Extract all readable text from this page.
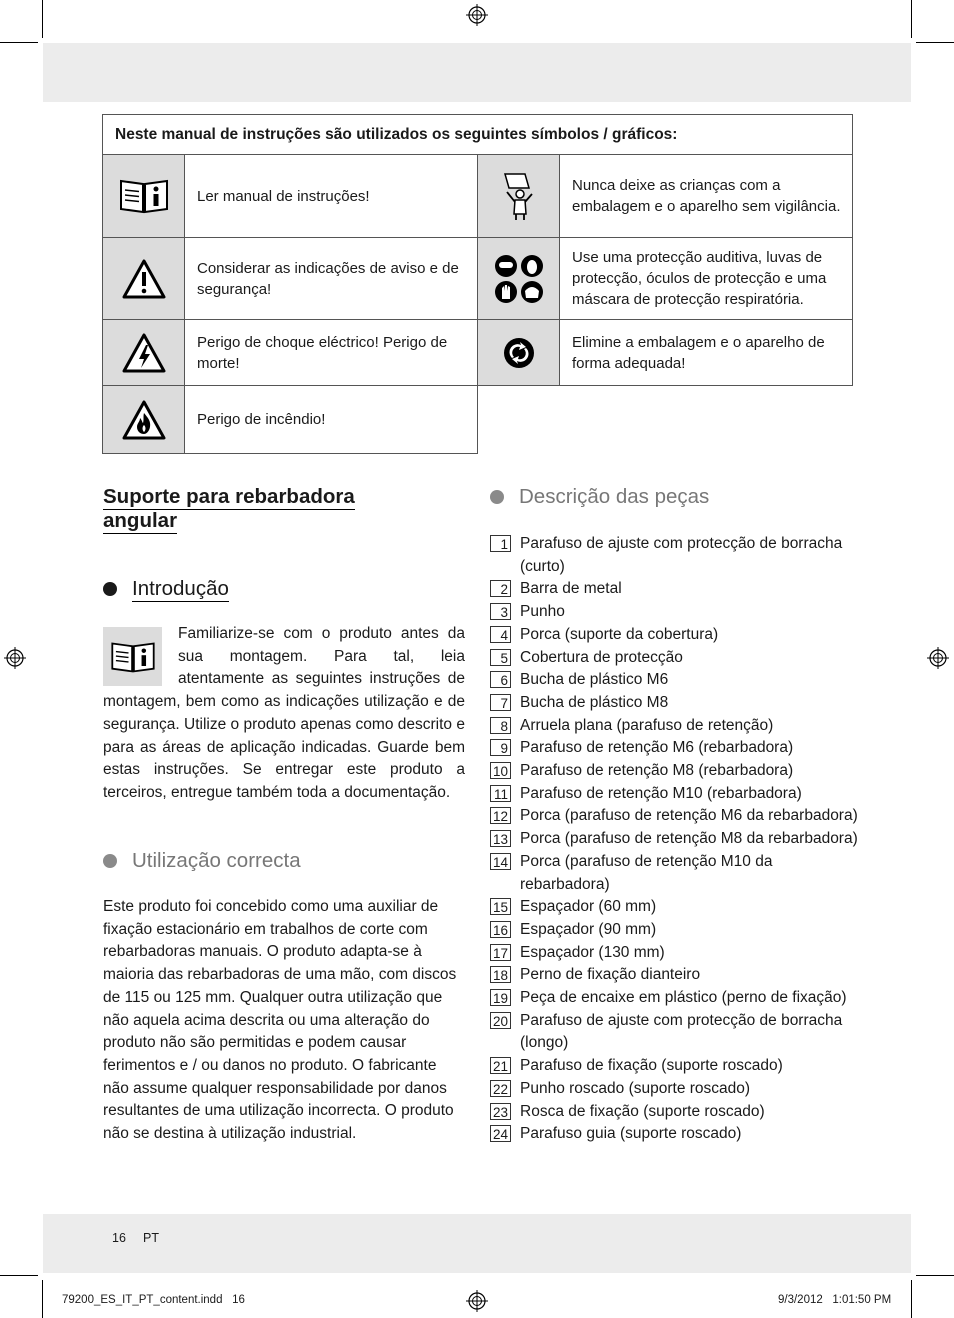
Neste manual de instruções são utilizados os seguintes símbolos / gráficos:
Ler manual de instruções!
Considerar as indicações de aviso e de segurança!
Perigo de choque eléctrico! Perigo de morte!
Perigo de incêndio!
Nunca deixe as crianças com a embalagem e o aparelho sem vigilância.
Use uma protecção auditiva, luvas de protecção, óculos de protecção e uma máscara de protecção respiratória.
Elimine a embalagem e o aparelho de forma adequada!
Suporte para rebarbadora angular
Introdução
Familiarize-se com o produto antes da sua montagem. Para tal, leia atentamente as seguintes instruções de montagem, bem como as indicações utilização e de segurança. Utilize o produto apenas como descrito e para as áreas de aplicação indicadas. Guarde bem estas instruções. Se entregar este produto a terceiros, entregue também toda a documentação.
Utilização correcta
Este produto foi concebido como uma auxiliar de fixação estacionário em trabalhos de corte com rebarbadoras manuais. O produto adapta-se à maioria das rebarbadoras de uma mão, com discos de 115 ou 125 mm. Qualquer outra utilização que não aquela acima descrita ou uma alteração do produto não são permitidas e podem causar ferimentos e / ou danos no produto. O fabricante não assume qualquer responsabilidade por danos resultantes de uma utilização incorrecta. O produto não se destina à utilização industrial.
Descrição das peças
1 Parafuso de ajuste com protecção de borracha (curto)
2 Barra de metal
3 Punho
4 Porca (suporte da cobertura)
5 Cobertura de protecção
6 Bucha de plástico M6
7 Bucha de plástico M8
8 Arruela plana (parafuso de retenção)
9 Parafuso de retenção M6 (rebarbadora)
10 Parafuso de retenção M8 (rebarbadora)
11 Parafuso de retenção M10 (rebarbadora)
12 Porca (parafuso de retenção M6 da rebarbadora)
13 Porca (parafuso de retenção M8 da rebarbadora)
14 Porca (parafuso de retenção M10 da rebarbadora)
15 Espaçador (60 mm)
16 Espaçador (90 mm)
17 Espaçador (130 mm)
18 Perno de fixação dianteiro
19 Peça de encaixe em plástico (perno de fixação)
20 Parafuso de ajuste com protecção de borracha (longo)
21 Parafuso de fixação (suporte roscado)
22 Punho roscado (suporte roscado)
23 Rosca de fixação (suporte roscado)
24 Parafuso guia (suporte roscado)
16 PT
79200_ES_IT_PT_content.indd   16	9/3/2012   1:01:50 PM
